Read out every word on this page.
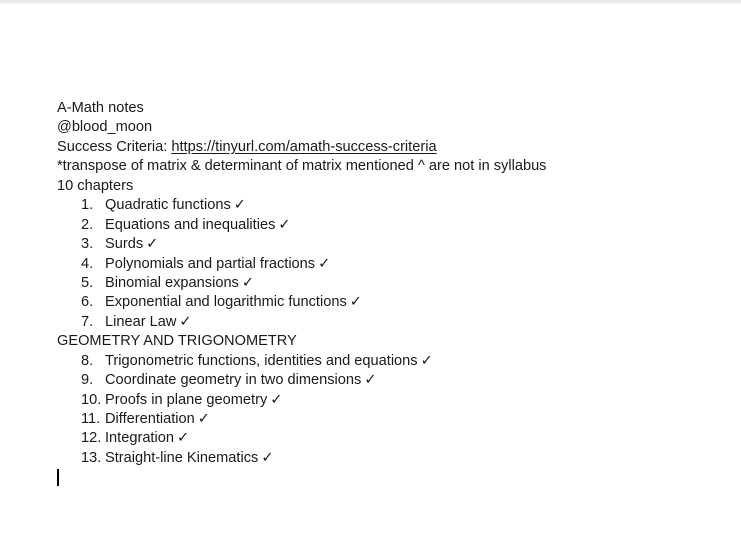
A-Math notes
@blood_moon
Success Criteria: https://tinyurl.com/amath-success-criteria
*transpose of matrix & determinant of matrix mentioned ^ are not in syllabus
10 chapters
1. Quadratic functions ✓
2. Equations and inequalities ✓
3. Surds ✓
4. Polynomials and partial fractions ✓
5. Binomial expansions ✓
6. Exponential and logarithmic functions ✓
7. Linear Law ✓
GEOMETRY AND TRIGONOMETRY
8. Trigonometric functions, identities and equations ✓
9. Coordinate geometry in two dimensions ✓
10. Proofs in plane geometry ✓
11. Differentiation ✓
12. Integration ✓
13. Straight-line Kinematics ✓
